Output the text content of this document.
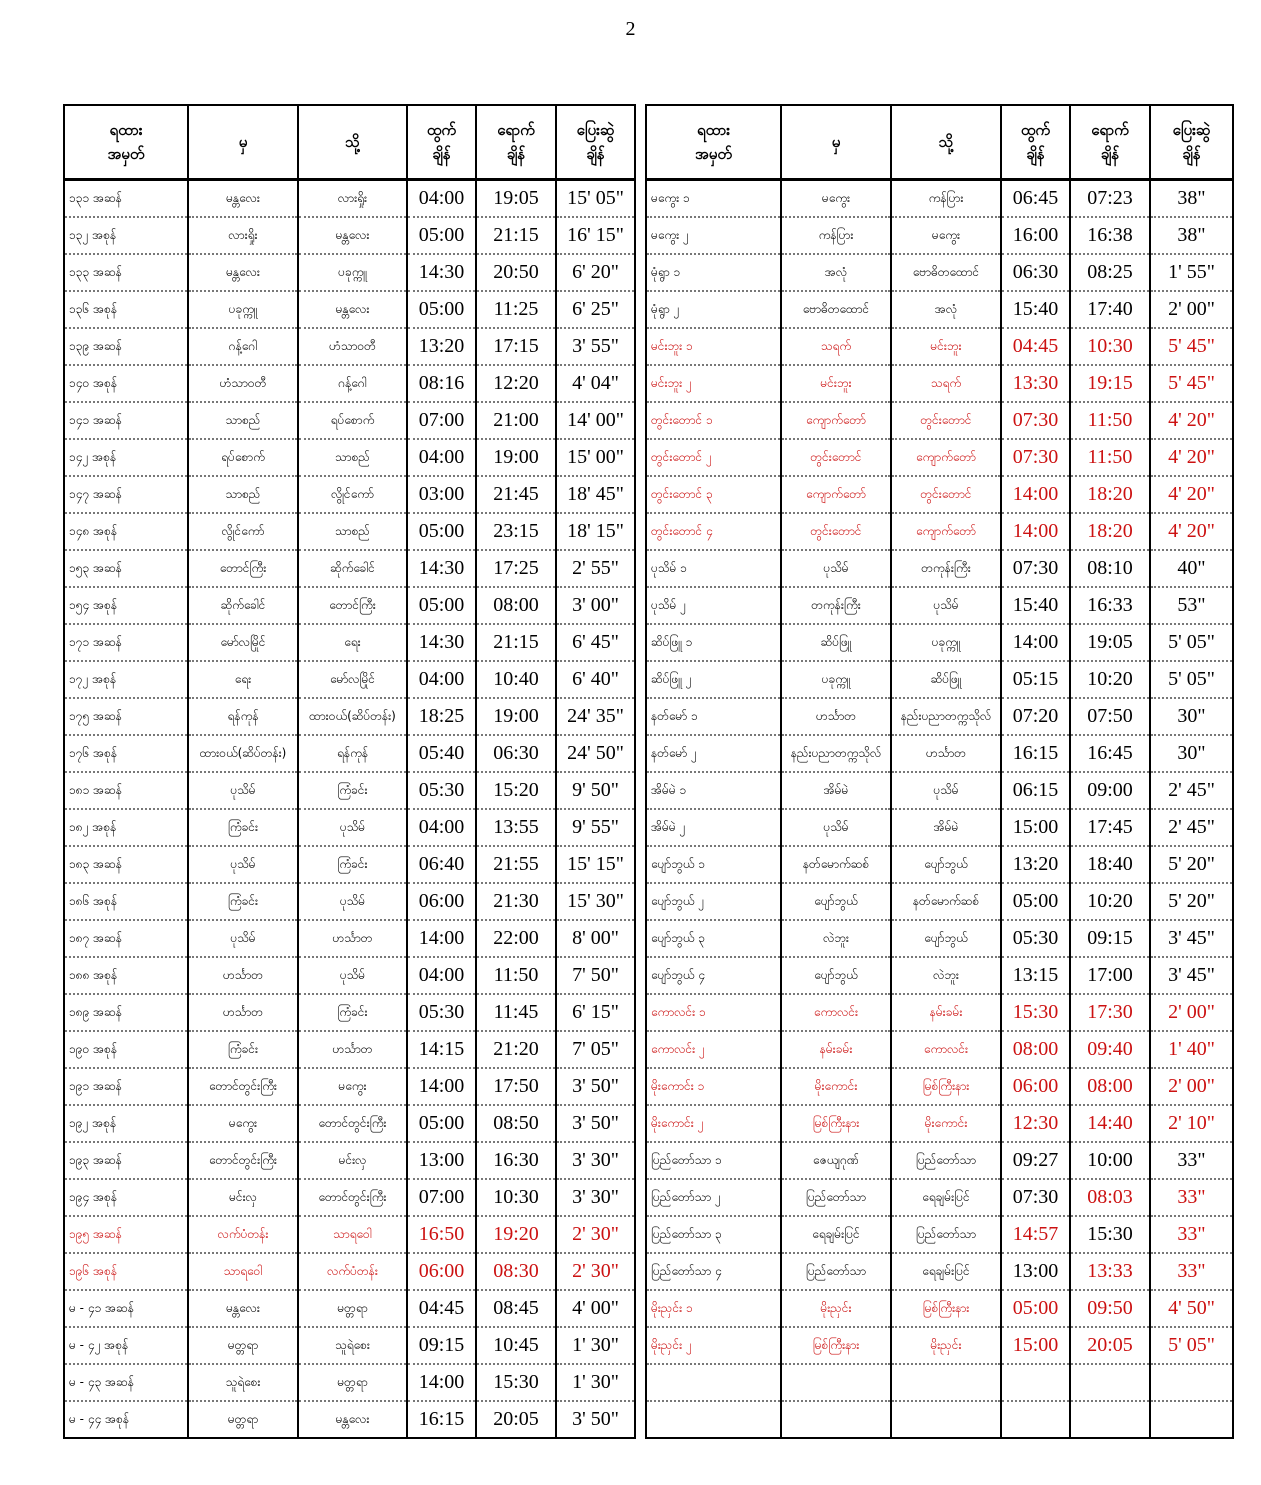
2
ရထား
အမှတ်	မှ	သို့	ထွက်
ချိန်	ရောက်
ချိန်	ပြေးဆွဲ
ချိန်
၁၃၁ အဆန်	မန္တလေး	လားရှိုး	04:00	19:05	15' 05"
၁၃၂ အစုန်	လားရှိုး	မန္တလေး	05:00	21:15	16' 15"
၁၃၃ အဆန်	မန္တလေး	ပခုက္ကူ	14:30	20:50	6' 20"
၁၃၆ အစုန်	ပခုက္ကူ	မန္တလေး	05:00	11:25	6' 25"
၁၃၉ အဆန်	ဂန့်ဂေါ	ဟံသာဝတီ	13:20	17:15	3' 55"
၁၄၀ အစုန်	ဟံသာဝတီ	ဂန့်ဂေါ	08:16	12:20	4' 04"
၁၄၁ အဆန်	သာစည်	ရပ်စောက်	07:00	21:00	14' 00"
၁၄၂ အစုန်	ရပ်စောက်	သာစည်	04:00	19:00	15' 00"
၁၄၇ အဆန်	သာစည်	လွိုင်ကော်	03:00	21:45	18' 45"
၁၄၈ အစုန်	လွိုင်ကော်	သာစည်	05:00	23:15	18' 15"
၁၅၃ အဆန်	တောင်ကြီး	ဆိုက်ခေါင်	14:30	17:25	2' 55"
၁၅၄ အစုန်	ဆိုက်ခေါင်	တောင်ကြီး	05:00	08:00	3' 00"
၁၇၁ အဆန်	မော်လမြိုင်	ရေး	14:30	21:15	6' 45"
၁၇၂ အစုန်	ရေး	မော်လမြိုင်	04:00	10:40	6' 40"
၁၇၅ အဆန်	ရန်ကုန်	ထားဝယ်(ဆိပ်တန်း)	18:25	19:00	24' 35"
၁၇၆ အစုန်	ထားဝယ်(ဆိပ်တန်း)	ရန်ကုန်	05:40	06:30	24' 50"
၁၈၁ အဆန်	ပုသိမ်	ကြံခင်း	05:30	15:20	9' 50"
၁၈၂ အစုန်	ကြံခင်း	ပုသိမ်	04:00	13:55	9' 55"
၁၈၃ အဆန်	ပုသိမ်	ကြံခင်း	06:40	21:55	15' 15"
၁၈၆ အစုန်	ကြံခင်း	ပုသိမ်	06:00	21:30	15' 30"
၁၈၇ အဆန်	ပုသိမ်	ဟင်္သာတ	14:00	22:00	8' 00"
၁၈၈ အစုန်	ဟင်္သာတ	ပုသိမ်	04:00	11:50	7' 50"
၁၈၉ အဆန်	ဟင်္သာတ	ကြံခင်း	05:30	11:45	6' 15"
၁၉၀ အစုန်	ကြံခင်း	ဟင်္သာတ	14:15	21:20	7' 05"
၁၉၁ အဆန်	တောင်တွင်းကြီး	မကွေး	14:00	17:50	3' 50"
၁၉၂ အစုန်	မကွေး	တောင်တွင်းကြီး	05:00	08:50	3' 50"
၁၉၃ အဆန်	တောင်တွင်းကြီး	မင်းလှ	13:00	16:30	3' 30"
၁၉၄ အစုန်	မင်းလှ	တောင်တွင်းကြီး	07:00	10:30	3' 30"
၁၉၅ အဆန်	လက်ပံတန်း	သာရဝေါ	16:50	19:20	2' 30"
၁၉၆ အစုန်	သာရဝေါ	လက်ပံတန်း	06:00	08:30	2' 30"
မ - ၄၁ အဆန်	မန္တလေး	မတ္တရာ	04:45	08:45	4' 00"
မ - ၄၂ အစုန်	မတ္တရာ	သူရဲစေး	09:15	10:45	1' 30"
မ - ၄၃ အဆန်	သူရဲစေး	မတ္တရာ	14:00	15:30	1' 30"
မ - ၄၄ အစုန်	မတ္တရာ	မန္တလေး	16:15	20:05	3' 50"
ရထား
အမှတ်	မှ	သို့	ထွက်
ချိန်	ရောက်
ချိန်	ပြေးဆွဲ
ချိန်
မကွေး ၁	မကွေး	ကန်ပြား	06:45	07:23	38"
မကွေး ၂	ကန်ပြား	မကွေး	16:00	16:38	38"
မုံရွာ ၁	အလုံ	ဗောဓိတထောင်	06:30	08:25	1' 55"
မုံရွာ ၂	ဗောဓိတထောင်	အလုံ	15:40	17:40	2' 00"
မင်းဘူး ၁	သရက်	မင်းဘူး	04:45	10:30	5' 45"
မင်းဘူး ၂	မင်းဘူး	သရက်	13:30	19:15	5' 45"
တွင်းတောင် ၁	ကျောက်တော်	တွင်းတောင်	07:30	11:50	4' 20"
တွင်းတောင် ၂	တွင်းတောင်	ကျောက်တော်	07:30	11:50	4' 20"
တွင်းတောင် ၃	ကျောက်တော်	တွင်းတောင်	14:00	18:20	4' 20"
တွင်းတောင် ၄	တွင်းတောင်	ကျောက်တော်	14:00	18:20	4' 20"
ပုသိမ် ၁	ပုသိမ်	တကုန်းကြီး	07:30	08:10	40"
ပုသိမ် ၂	တကုန်းကြီး	ပုသိမ်	15:40	16:33	53"
ဆိပ်ဖြူ ၁	ဆိပ်ဖြူ	ပခုက္ကူ	14:00	19:05	5' 05"
ဆိပ်ဖြူ ၂	ပခုက္ကူ	ဆိပ်ဖြူ	05:15	10:20	5' 05"
နတ်မော် ၁	ဟင်္သာတ	နည်းပညာတက္ကသိုလ်	07:20	07:50	30"
နတ်မော် ၂	နည်းပညာတက္ကသိုလ်	ဟင်္သာတ	16:15	16:45	30"
အိမ်မဲ ၁	အိမ်မဲ	ပုသိမ်	06:15	09:00	2' 45"
အိမ်မဲ ၂	ပုသိမ်	အိမ်မဲ	15:00	17:45	2' 45"
ပျော်ဘွယ် ၁	နတ်မောက်ဆစ်	ပျော်ဘွယ်	13:20	18:40	5' 20"
ပျော်ဘွယ် ၂	ပျော်ဘွယ်	နတ်မောက်ဆစ်	05:00	10:20	5' 20"
ပျော်ဘွယ် ၃	လဲဘူး	ပျော်ဘွယ်	05:30	09:15	3' 45"
ပျော်ဘွယ် ၄	ပျော်ဘွယ်	လဲဘူး	13:15	17:00	3' 45"
ကောလင်း ၁	ကောလင်း	နမ်းခမ်း	15:30	17:30	2' 00"
ကောလင်း ၂	နမ်းခမ်း	ကောလင်း	08:00	09:40	1' 40"
မိုးကောင်း ၁	မိုးကောင်း	မြစ်ကြီးနား	06:00	08:00	2' 00"
မိုးကောင်း ၂	မြစ်ကြီးနား	မိုးကောင်း	12:30	14:40	2' 10"
ပြည်တော်သာ ၁	ဇေယျဂုဏ်	ပြည်တော်သာ	09:27	10:00	33"
ပြည်တော်သာ ၂	ပြည်တော်သာ	ရေချမ်းပြင်	07:30	08:03	33"
ပြည်တော်သာ ၃	ရေချမ်းပြင်	ပြည်တော်သာ	14:57	15:30	33"
ပြည်တော်သာ ၄	ပြည်တော်သာ	ရေချမ်းပြင်	13:00	13:33	33"
မိုးညှင်း ၁	မိုးညှင်း	မြစ်ကြီးနား	05:00	09:50	4' 50"
မိုးညှင်း ၂	မြစ်ကြီးနား	မိုးညှင်း	15:00	20:05	5' 05"
